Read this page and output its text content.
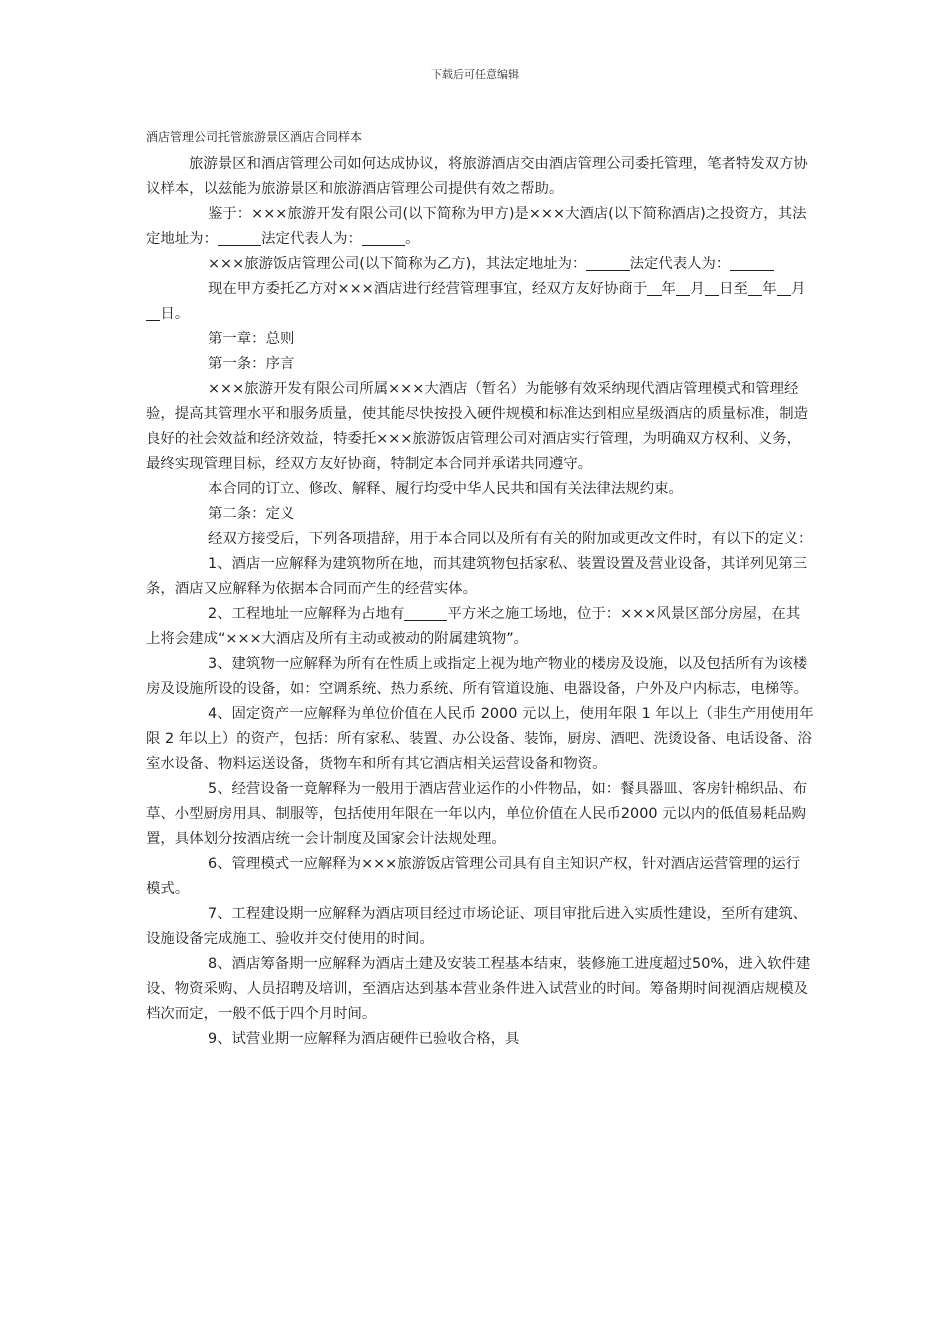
下载后可任意编辑
酒店管理公司托管旅游景区酒店合同样本

旅游景区和酒店管理公司如何达成协议，将旅游酒店交由酒店管理公司委托管理，笔者特发双方协议样本，以兹能为旅游景区和旅游酒店管理公司提供有效之帮助。

鉴于：×××旅游开发有限公司(以下简称为甲方)是×××大酒店(以下简称酒店)之投资方，其法定地址为：	法定代表人为：	。

×××旅游饭店管理公司(以下简称为乙方)，其法定地址为：	法定代表人为：

现在甲方委托乙方对×××酒店进行经营管理事宜，经双方友好协商于 年 月 日至 年 月日。

第一章：总则

第一条：序言

×××旅游开发有限公司所属×××大酒店（暂名）为能够有效采纳现代酒店管理模式和管理经验，提高其管理水平和服务质量，使其能尽快按投入硬件规模和标准达到相应星级酒店的质量标准，制造良好的社会效益和经济效益，特委托×××旅游饭店管理公司对酒店实行管理，为明确双方权利、义务，最终实现管理目标，经双方友好协商，特制定本合同并承诺共同遵守。

本合同的订立、修改、解释、履行均受中华人民共和国有关法律法规约束。

第二条：定义

经双方接受后，下列各项措辞，用于本合同以及所有有关的附加或更改文件时，有以下的定义：

1、酒店一应解释为建筑物所在地，而其建筑物包括家私、装置设置及营业设备，其详列见第三条，酒店又应解释为依据本合同而产生的经营实体。

2、工程地址一应解释为占地有	平方米之施工场地，位于：×××风景区部分房屋，在其上将会建成“×××大酒店及所有主动或被动的附属建筑物”。

3、建筑物一应解释为所有在性质上或指定上视为地产物业的楼房及设施，以及包括所有为该楼房及设施所设的设备，如：空调系统、热力系统、所有管道设施、电器设备，户外及户内标志，电梯等。

4、固定资产一应解释为单位价值在人民币 2000 元以上，使用年限 1 年以上（非生产用使用年限 2 年以上）的资产，包括：所有家私、装置、办公设备、装饰，厨房、酒吧、洗烫设备、电话设备、浴室水设备、物料运送设备，货物车和所有其它酒店相关运营设备和物资。

5、经营设备一竟解释为一般用于酒店营业运作的小件物品，如：餐具器皿、客房针棉织品、布草、小型厨房用具、制服等，包括使用年限在一年以内，单位价值在人民币2000 元以内的低值易耗品购置，具体划分按酒店统一会计制度及国家会计法规处理。

6、管理模式一应解释为×××旅游饭店管理公司具有自主知识产权，针对酒店运营管理的运行模式。

7、工程建设期一应解释为酒店项目经过市场论证、项目审批后进入实质性建设，至所有建筑、设施设备完成施工、验收并交付使用的时间。

8、酒店筹备期一应解释为酒店土建及安装工程基本结束，装修施工进度超过50%，进入软件建设、物资采购、人员招聘及培训，至酒店达到基本营业条件进入试营业的时间。筹备期时间视酒店规模及档次而定，一般不低于四个月时间。

9、试营业期一应解释为酒店硬件已验收合格，具
